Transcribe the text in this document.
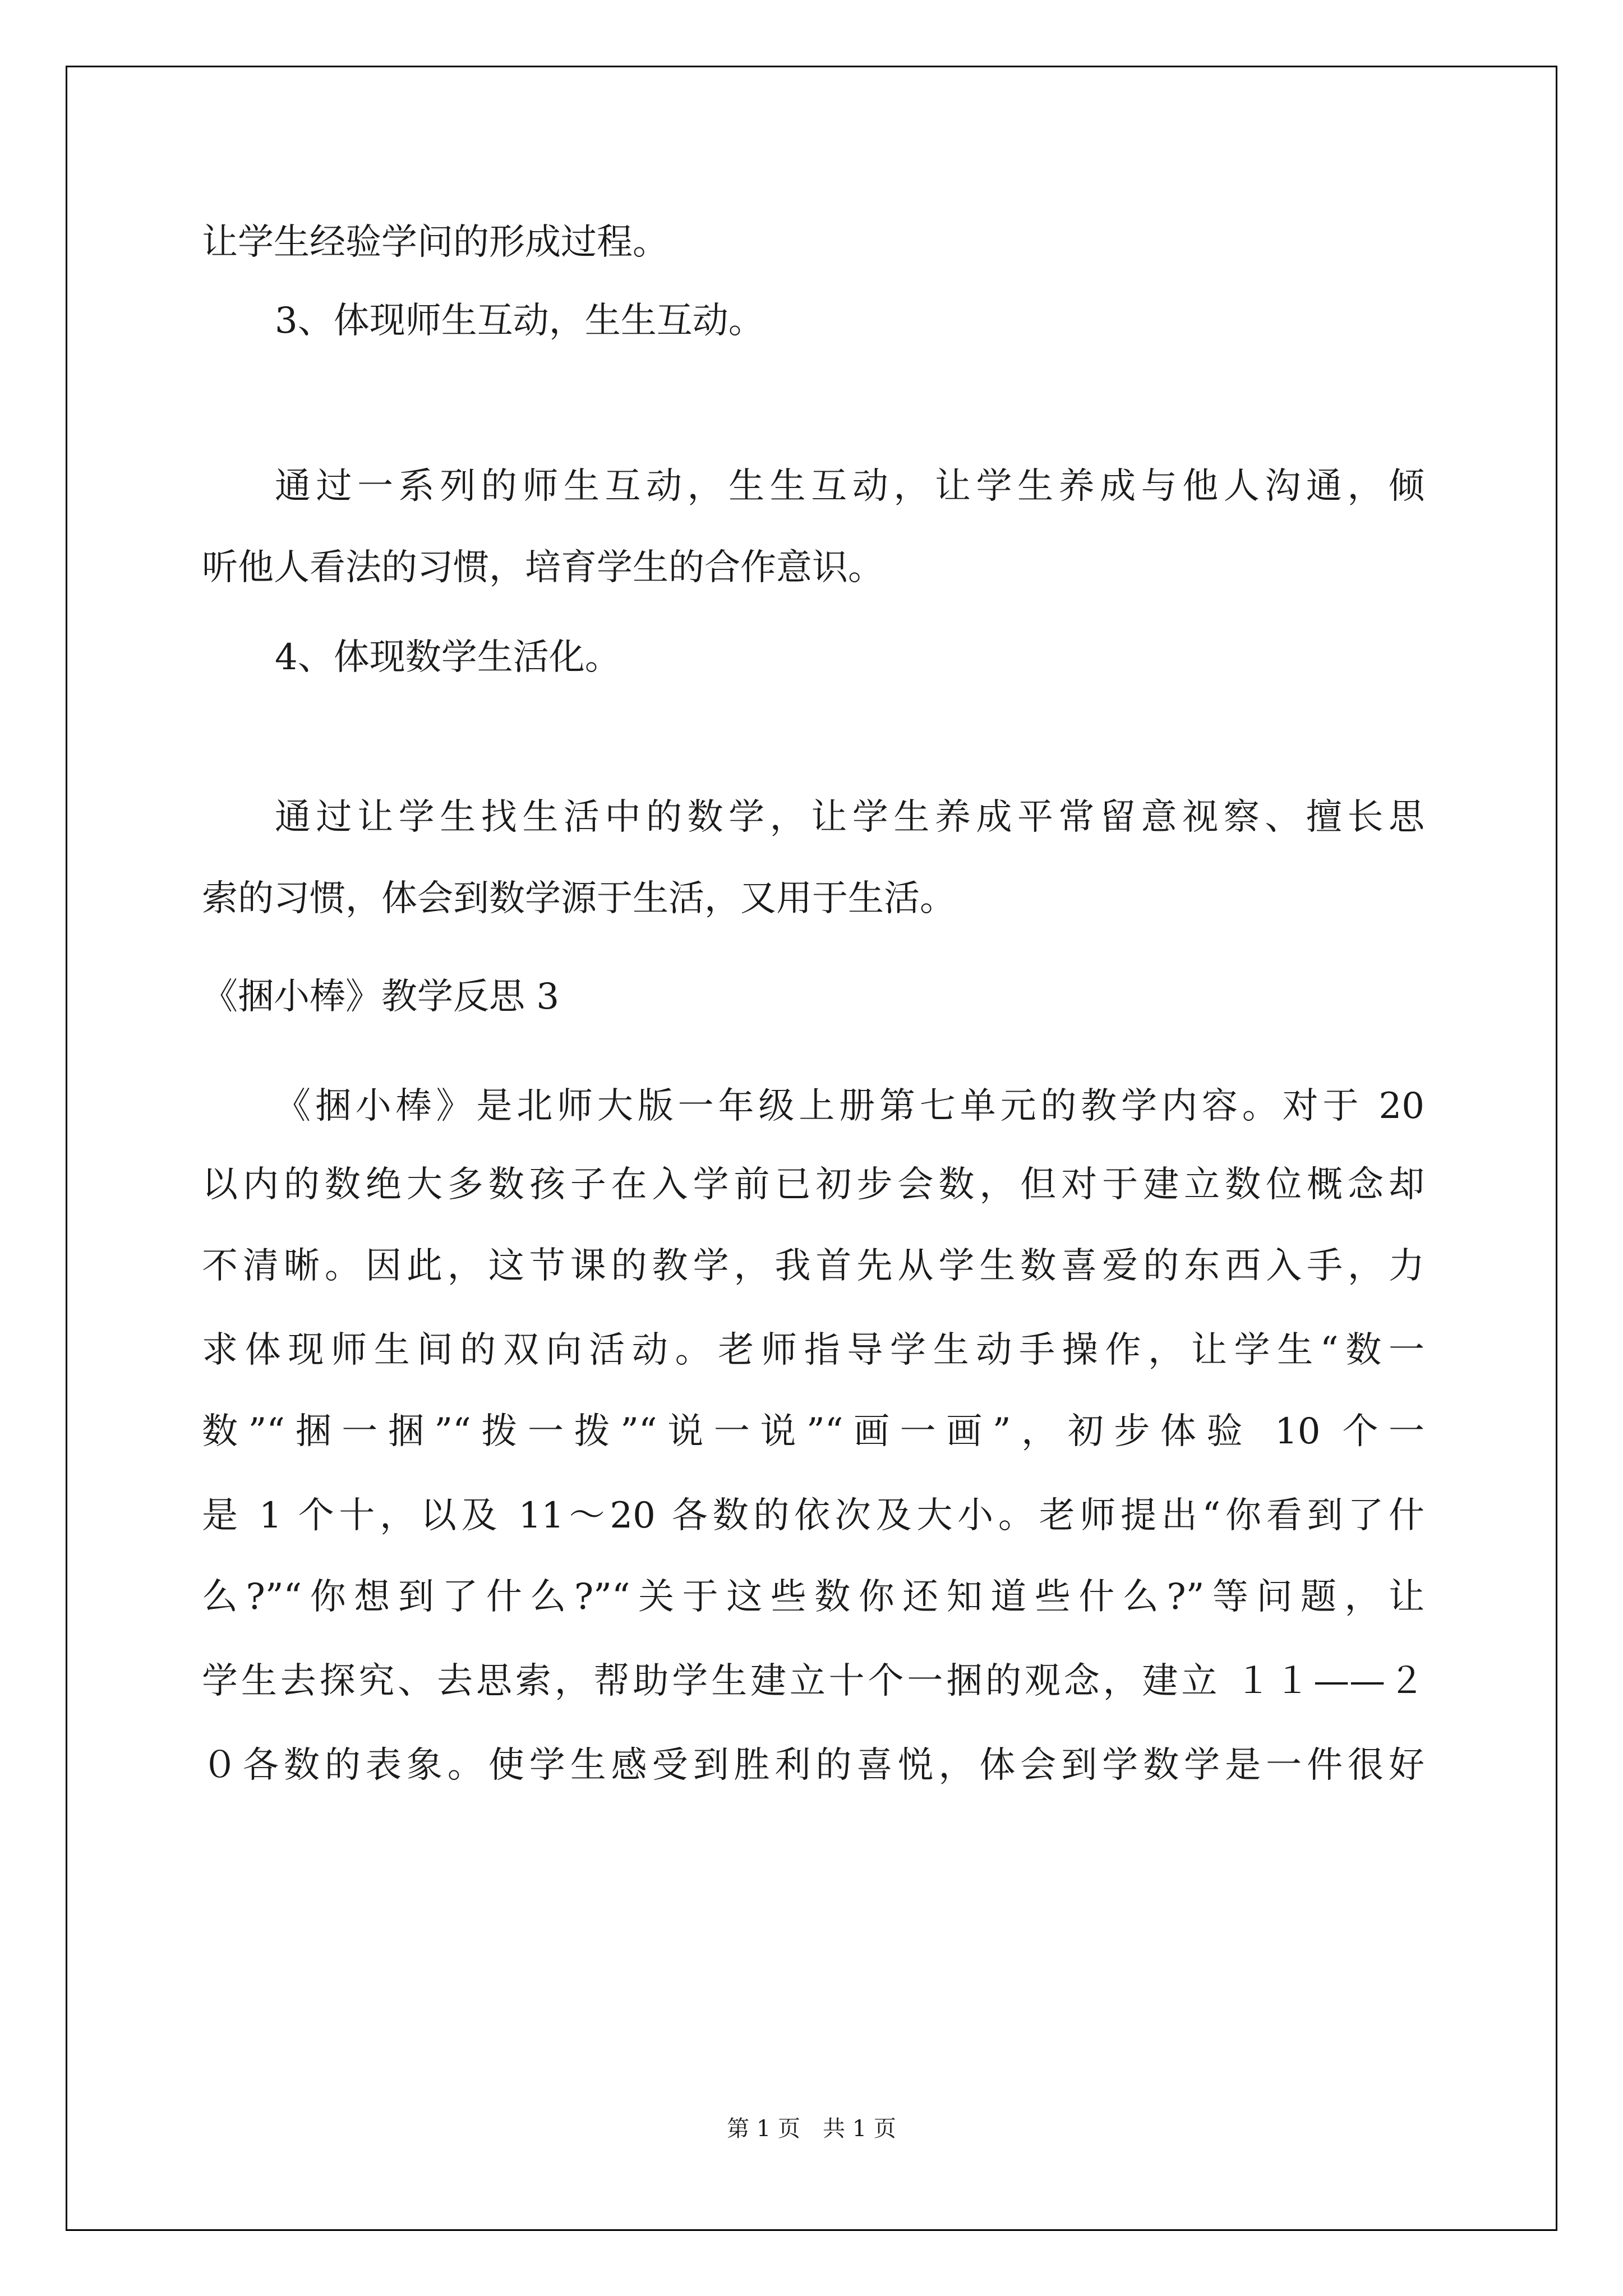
让学生经验学问的形成过程。
3、体现师生互动，生生互动。
通过一系列的师生互动，生生互动，让学生养成与他人沟通，倾
听他人看法的习惯，培育学生的合作意识。
4、体现数学生活化。
通过让学生找生活中的数学，让学生养成平常留意视察、擅长思
索的习惯，体会到数学源于生活，又用于生活。
《捆小棒》教学反思 3
《捆小棒》是北师大版一年级上册第七单元的教学内容。对于 20
以内的数绝大多数孩子在入学前已初步会数，但对于建立数位概念却
不清晰。因此，这节课的教学，我首先从学生数喜爱的东西入手，力
求体现师生间的双向活动。老师指导学生动手操作，让学生“数一
数”“捆一捆”“拨一拨”“说一说”“画一画”，初步体验 10 个一
是 1 个十，以及 11～20 各数的依次及大小。老师提出“你看到了什
么?”“你想到了什么?”“关于这些数你还知道些什么?”等问题，让
学生去探究、去思索，帮助学生建立十个一捆的观念，建立 １１——２
０各数的表象。使学生感受到胜利的喜悦，体会到学数学是一件很好
第 1 页　共 1 页
